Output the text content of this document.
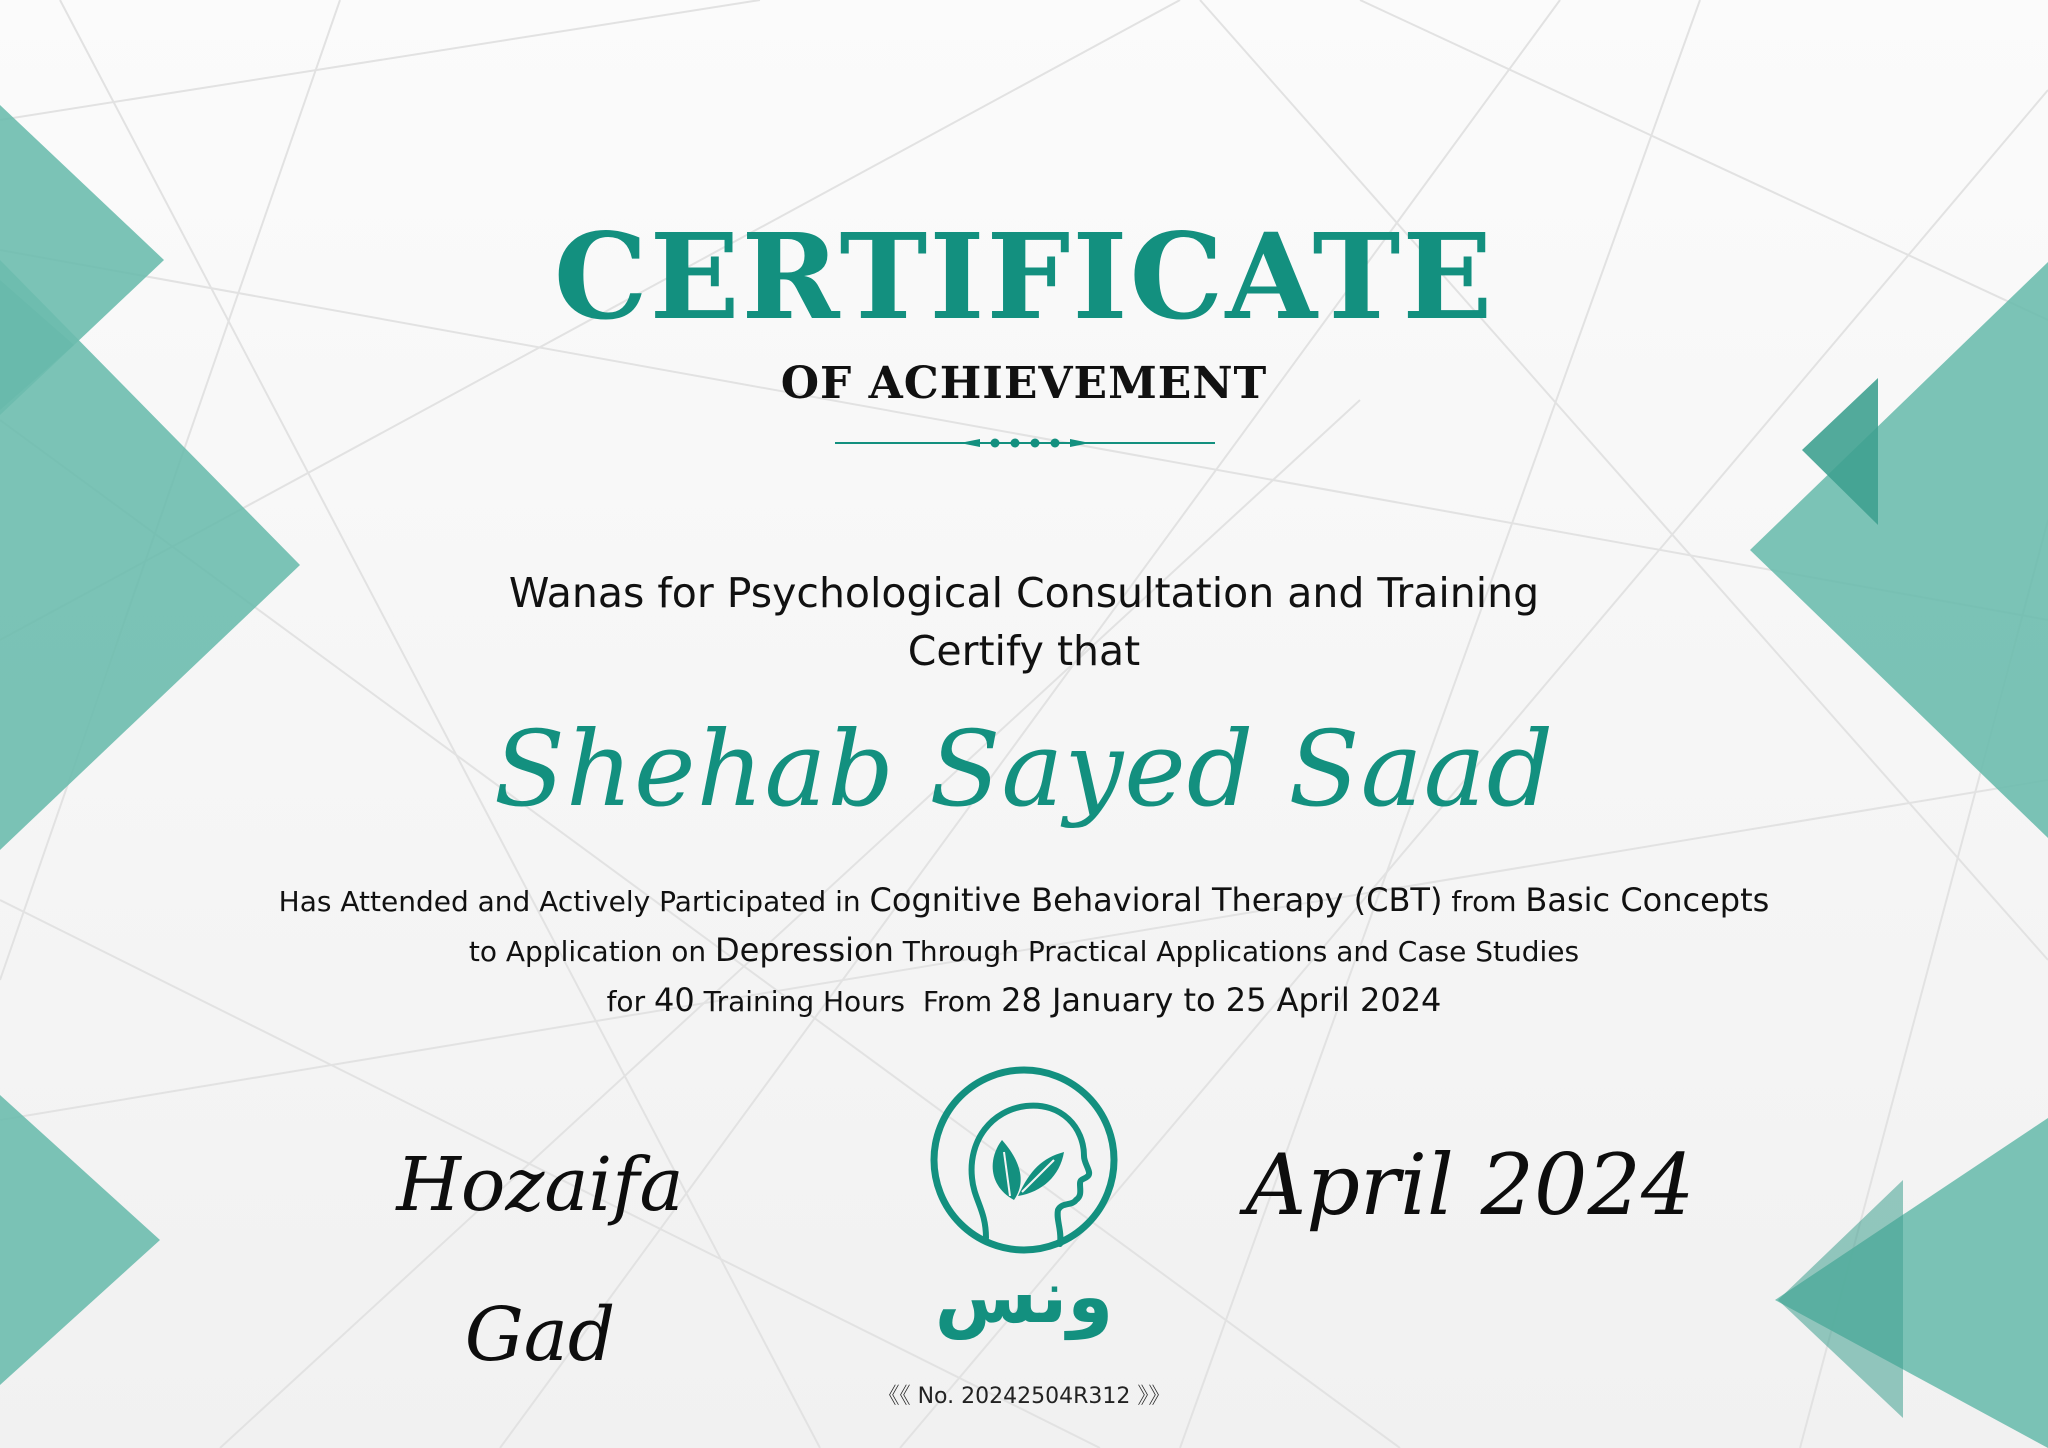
CERTIFICATE
OF ACHIEVEMENT
Wanas for Psychological Consultation and Training
Certify that
Shehab Sayed Saad
Has Attended and Actively Participated in Cognitive Behavioral Therapy (CBT) from Basic Concepts
to Application on Depression Through Practical Applications and Case Studies
for 40 Training Hours  From 28 January to 25 April 2024
Hozaifa Gad
April 2024
ونس
《《 No. 20242504R312 》》
